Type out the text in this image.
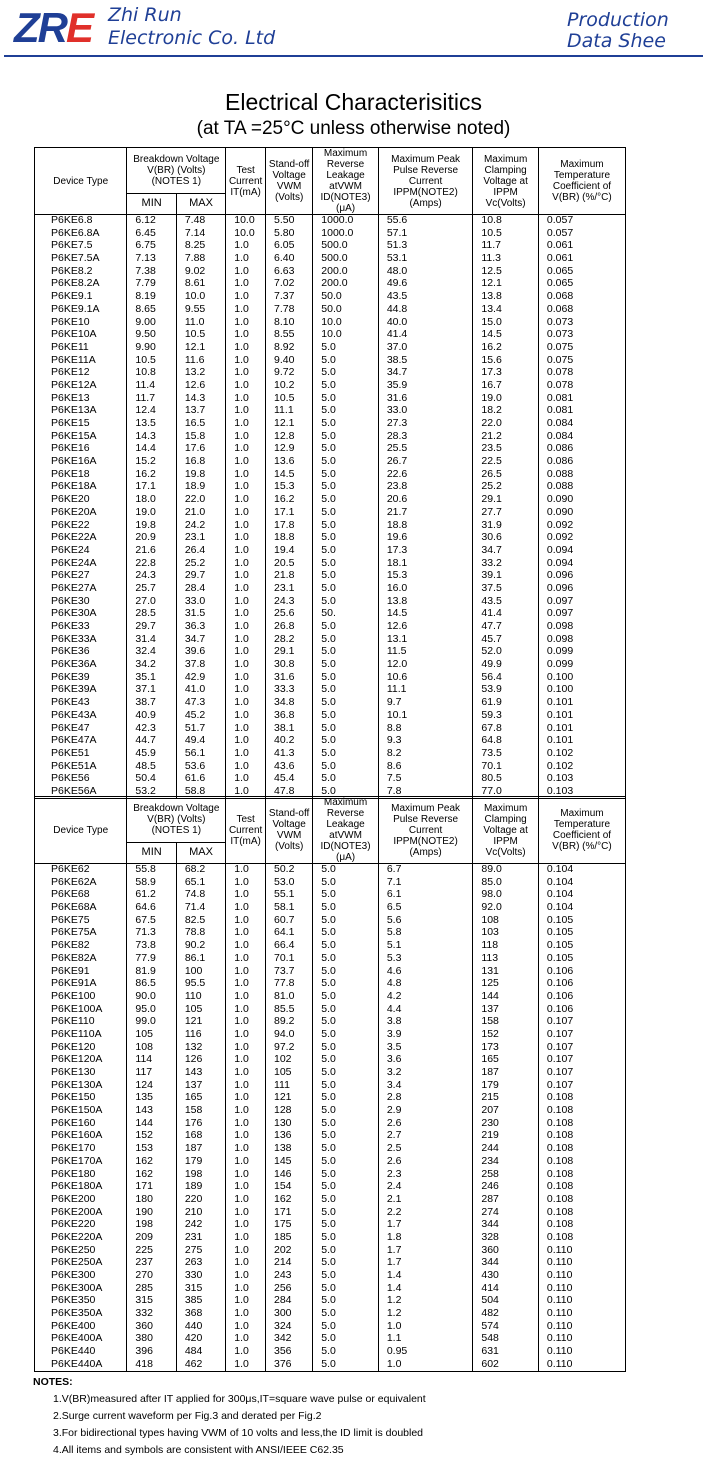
ZRE Zhi Run
Electronic Co. Ltd
Production
Data Shee
Electrical Characterisitics
(at TA =25°C unless otherwise noted)
Device Type	Breakdown Voltage V(BR) (Volts)(NOTES 1)		Test Current IT(mA)	Stand-off Voltage VWM (Volts)	Maximum Reverse Leakage atVWM ID(NOTE3)(μA)	Maximum Peak Pulse Reverse Current IPPM(NOTE2) (Amps)	Maximum Clamping Voltage at IPPM Vc(Volts)	Maximum Temperature Coefficient of V(BR) (%/°C)
	MIN	MAX						
P6KE6.8	6.12	7.48	10.0	5.50	1000.0	55.6	10.8	0.057
P6KE6.8A	6.45	7.14	10.0	5.80	1000.0	57.1	10.5	0.057
P6KE7.5	6.75	8.25	1.0	6.05	500.0	51.3	11.7	0.061
P6KE7.5A	7.13	7.88	1.0	6.40	500.0	53.1	11.3	0.061
P6KE8.2	7.38	9.02	1.0	6.63	200.0	48.0	12.5	0.065
P6KE8.2A	7.79	8.61	1.0	7.02	200.0	49.6	12.1	0.065
P6KE9.1	8.19	10.0	1.0	7.37	50.0	43.5	13.8	0.068
P6KE9.1A	8.65	9.55	1.0	7.78	50.0	44.8	13.4	0.068
P6KE10	9.00	11.0	1.0	8.10	10.0	40.0	15.0	0.073
P6KE10A	9.50	10.5	1.0	8.55	10.0	41.4	14.5	0.073
P6KE11	9.90	12.1	1.0	8.92	5.0	37.0	16.2	0.075
P6KE11A	10.5	11.6	1.0	9.40	5.0	38.5	15.6	0.075
P6KE12	10.8	13.2	1.0	9.72	5.0	34.7	17.3	0.078
P6KE12A	11.4	12.6	1.0	10.2	5.0	35.9	16.7	0.078
P6KE13	11.7	14.3	1.0	10.5	5.0	31.6	19.0	0.081
P6KE13A	12.4	13.7	1.0	11.1	5.0	33.0	18.2	0.081
P6KE15	13.5	16.5	1.0	12.1	5.0	27.3	22.0	0.084
P6KE15A	14.3	15.8	1.0	12.8	5.0	28.3	21.2	0.084
P6KE16	14.4	17.6	1.0	12.9	5.0	25.5	23.5	0.086
P6KE16A	15.2	16.8	1.0	13.6	5.0	26.7	22.5	0.086
P6KE18	16.2	19.8	1.0	14.5	5.0	22.6	26.5	0.088
P6KE18A	17.1	18.9	1.0	15.3	5.0	23.8	25.2	0.088
P6KE20	18.0	22.0	1.0	16.2	5.0	20.6	29.1	0.090
P6KE20A	19.0	21.0	1.0	17.1	5.0	21.7	27.7	0.090
P6KE22	19.8	24.2	1.0	17.8	5.0	18.8	31.9	0.092
P6KE22A	20.9	23.1	1.0	18.8	5.0	19.6	30.6	0.092
P6KE24	21.6	26.4	1.0	19.4	5.0	17.3	34.7	0.094
P6KE24A	22.8	25.2	1.0	20.5	5.0	18.1	33.2	0.094
P6KE27	24.3	29.7	1.0	21.8	5.0	15.3	39.1	0.096
P6KE27A	25.7	28.4	1.0	23.1	5.0	16.0	37.5	0.096
P6KE30	27.0	33.0	1.0	24.3	5.0	13.8	43.5	0.097
P6KE30A	28.5	31.5	1.0	25.6	50.	14.5	41.4	0.097
P6KE33	29.7	36.3	1.0	26.8	5.0	12.6	47.7	0.098
P6KE33A	31.4	34.7	1.0	28.2	5.0	13.1	45.7	0.098
P6KE36	32.4	39.6	1.0	29.1	5.0	11.5	52.0	0.099
P6KE36A	34.2	37.8	1.0	30.8	5.0	12.0	49.9	0.099
P6KE39	35.1	42.9	1.0	31.6	5.0	10.6	56.4	0.100
P6KE39A	37.1	41.0	1.0	33.3	5.0	11.1	53.9	0.100
P6KE43	38.7	47.3	1.0	34.8	5.0	9.7	61.9	0.101
P6KE43A	40.9	45.2	1.0	36.8	5.0	10.1	59.3	0.101
P6KE47	42.3	51.7	1.0	38.1	5.0	8.8	67.8	0.101
P6KE47A	44.7	49.4	1.0	40.2	5.0	9.3	64.8	0.101
P6KE51	45.9	56.1	1.0	41.3	5.0	8.2	73.5	0.102
P6KE51A	48.5	53.6	1.0	43.6	5.0	8.6	70.1	0.102
P6KE56	50.4	61.6	1.0	45.4	5.0	7.5	80.5	0.103
P6KE56A	53.2	58.8	1.0	47.8	5.0	7.8	77.0	0.103
Device Type	Breakdown Voltage V(BR) (Volts)(NOTES 1)		Test Current IT(mA)	Stand-off Voltage VWM (Volts)	Maximum Reverse Leakage atVWM ID(NOTE3)(μA)	Maximum Peak Pulse Reverse Current IPPM(NOTE2) (Amps)	Maximum Clamping Voltage at IPPM Vc(Volts)	Maximum Temperature Coefficient of V(BR) (%/°C)
	MIN	MAX						
P6KE62	55.8	68.2	1.0	50.2	5.0	6.7	89.0	0.104
P6KE62A	58.9	65.1	1.0	53.0	5.0	7.1	85.0	0.104
P6KE68	61.2	74.8	1.0	55.1	5.0	6.1	98.0	0.104
P6KE68A	64.6	71.4	1.0	58.1	5.0	6.5	92.0	0.104
P6KE75	67.5	82.5	1.0	60.7	5.0	5.6	108	0.105
P6KE75A	71.3	78.8	1.0	64.1	5.0	5.8	103	0.105
P6KE82	73.8	90.2	1.0	66.4	5.0	5.1	118	0.105
P6KE82A	77.9	86.1	1.0	70.1	5.0	5.3	113	0.105
P6KE91	81.9	100	1.0	73.7	5.0	4.6	131	0.106
P6KE91A	86.5	95.5	1.0	77.8	5.0	4.8	125	0.106
P6KE100	90.0	110	1.0	81.0	5.0	4.2	144	0.106
P6KE100A	95.0	105	1.0	85.5	5.0	4.4	137	0.106
P6KE110	99.0	121	1.0	89.2	5.0	3.8	158	0.107
P6KE110A	105	116	1.0	94.0	5.0	3.9	152	0.107
P6KE120	108	132	1.0	97.2	5.0	3.5	173	0.107
P6KE120A	114	126	1.0	102	5.0	3.6	165	0.107
P6KE130	117	143	1.0	105	5.0	3.2	187	0.107
P6KE130A	124	137	1.0	111	5.0	3.4	179	0.107
P6KE150	135	165	1.0	121	5.0	2.8	215	0.108
P6KE150A	143	158	1.0	128	5.0	2.9	207	0.108
P6KE160	144	176	1.0	130	5.0	2.6	230	0.108
P6KE160A	152	168	1.0	136	5.0	2.7	219	0.108
P6KE170	153	187	1.0	138	5.0	2.5	244	0.108
P6KE170A	162	179	1.0	145	5.0	2.6	234	0.108
P6KE180	162	198	1.0	146	5.0	2.3	258	0.108
P6KE180A	171	189	1.0	154	5.0	2.4	246	0.108
P6KE200	180	220	1.0	162	5.0	2.1	287	0.108
P6KE200A	190	210	1.0	171	5.0	2.2	274	0.108
P6KE220	198	242	1.0	175	5.0	1.7	344	0.108
P6KE220A	209	231	1.0	185	5.0	1.8	328	0.108
P6KE250	225	275	1.0	202	5.0	1.7	360	0.110
P6KE250A	237	263	1.0	214	5.0	1.7	344	0.110
P6KE300	270	330	1.0	243	5.0	1.4	430	0.110
P6KE300A	285	315	1.0	256	5.0	1.4	414	0.110
P6KE350	315	385	1.0	284	5.0	1.2	504	0.110
P6KE350A	332	368	1.0	300	5.0	1.2	482	0.110
P6KE400	360	440	1.0	324	5.0	1.0	574	0.110
P6KE400A	380	420	1.0	342	5.0	1.1	548	0.110
P6KE440	396	484	1.0	356	5.0	0.95	631	0.110
P6KE440A	418	462	1.0	376	5.0	1.0	602	0.110
NOTES:
1.V(BR)measured after IT applied for 300μs,IT=square wave pulse or equivalent
2.Surge current waveform per Fig.3 and derated per Fig.2
3.For bidirectional types having VWM of 10 volts and less,the ID limit is doubled
4.All items and symbols are consistent with ANSI/IEEE C62.35
